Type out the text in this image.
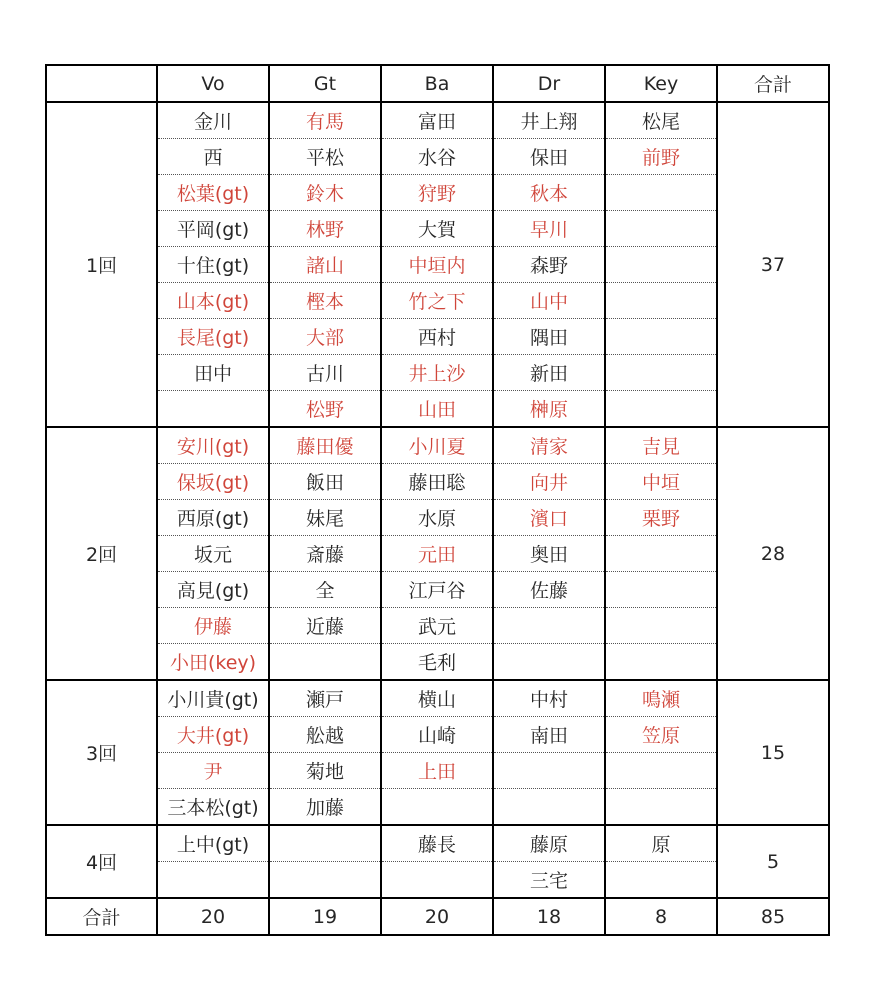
	Vo	Gt	Ba	Dr	Key	合計
1回	金川	有馬	富田	井上翔	松尾	37
	西	平松	水谷	保田	前野	
	松葉(gt)	鈴木	狩野	秋本		
	平岡(gt)	林野	大賀	早川		
	十住(gt)	諸山	中垣内	森野		
	山本(gt)	樫本	竹之下	山中		
	長尾(gt)	大部	西村	隅田		
	田中	古川	井上沙	新田		
		松野	山田	榊原		
2回	安川(gt)	藤田優	小川夏	清家	吉見	28
	保坂(gt)	飯田	藤田聡	向井	中垣	
	西原(gt)	妹尾	水原	濱口	栗野	
	坂元	斎藤	元田	奥田		
	高見(gt)	全	江戸谷	佐藤		
	伊藤	近藤	武元			
	小田(key)		毛利			
3回	小川貴(gt)	瀬戸	横山	中村	鳴瀬	15
	大井(gt)	舩越	山崎	南田	笠原	
	尹	菊地	上田			
	三本松(gt)	加藤				
4回	上中(gt)		藤長	藤原	原	5
				三宅		
合計	20	19	20	18	8	85
